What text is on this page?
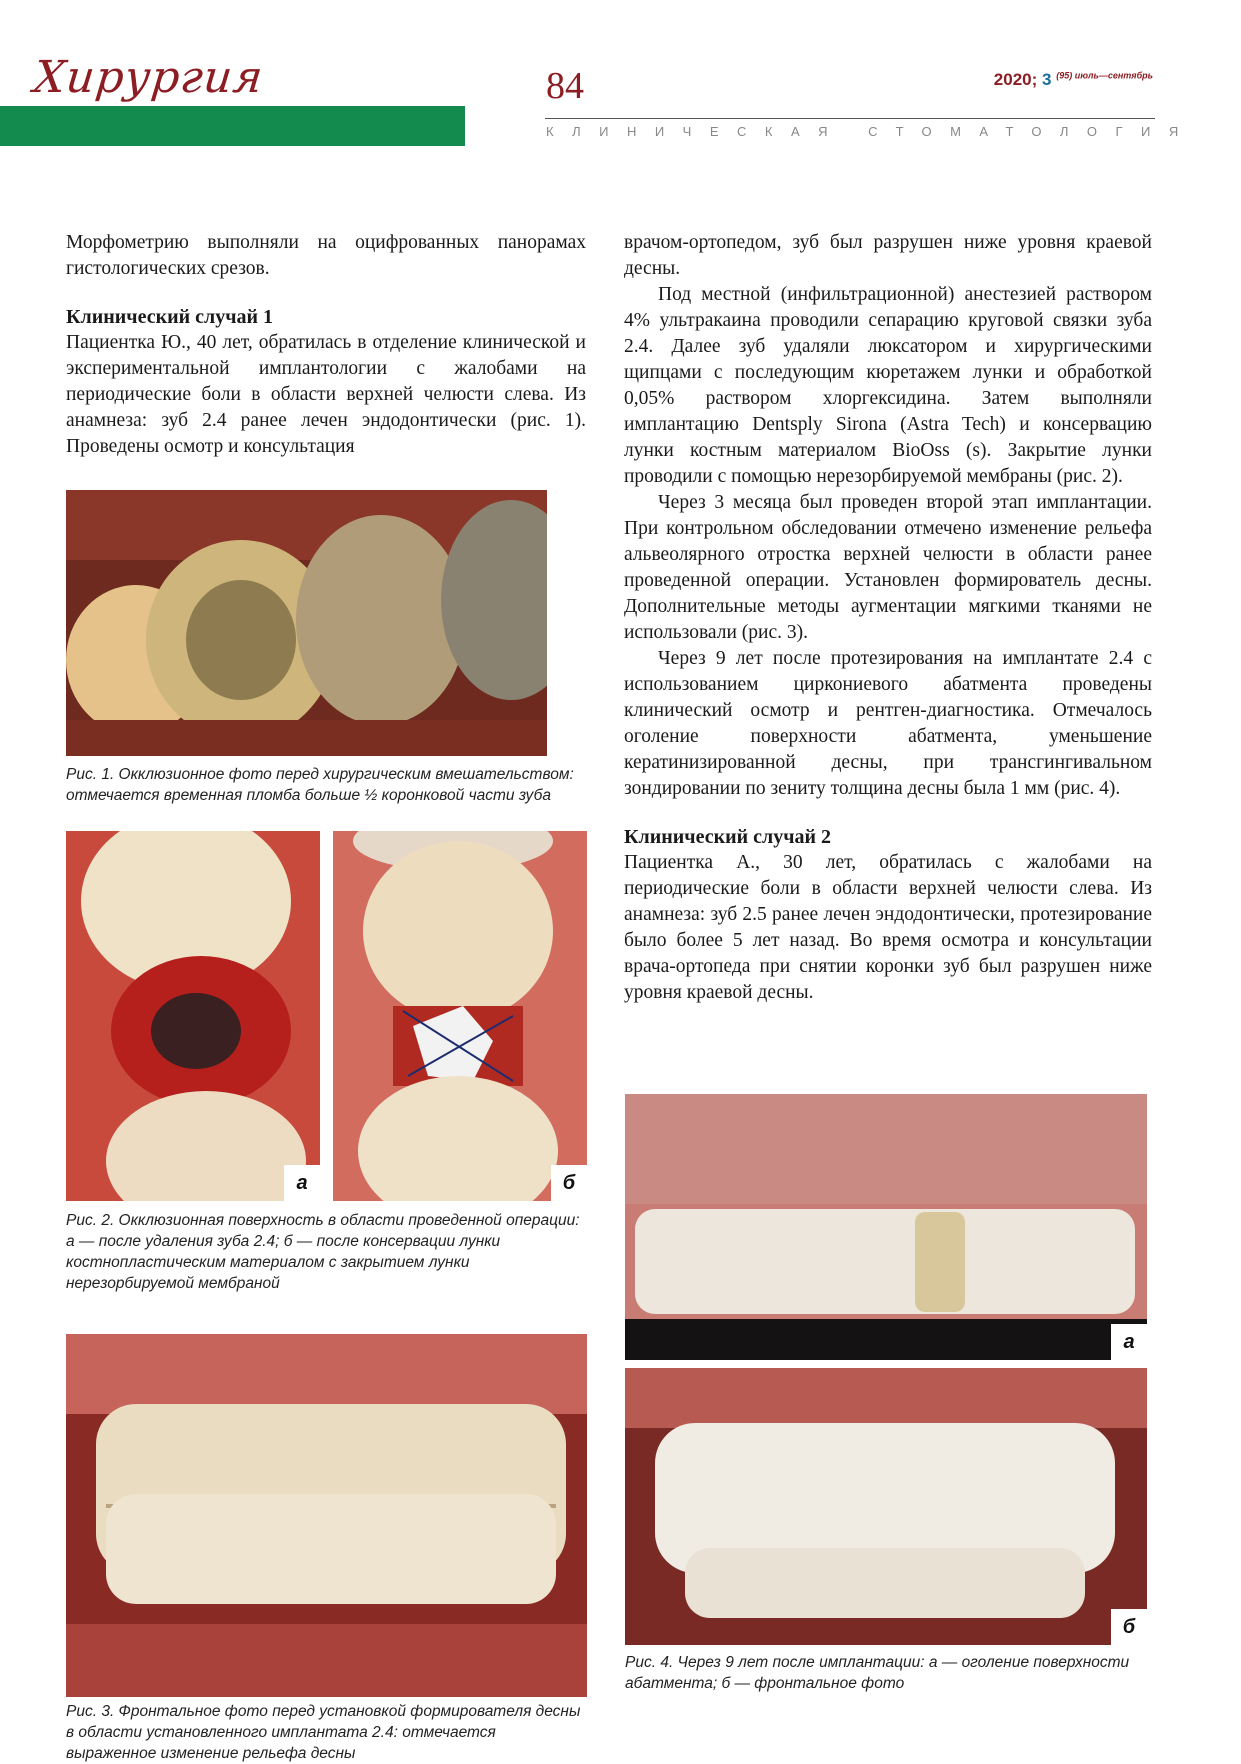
Хирургия	84	2020; 3 $^{(95) июль—сентябрь}$
КЛИНИЧЕСКАЯ СТОМАТОЛОГИЯ

Морфометрию выполняли на оцифрованных панорамах гистологических срезов.

Клинический случай 1

Пациентка Ю., 40 лет, обратилась в отделение клинической и экспериментальной имплантологии с жалобами на периодические боли в области верхней челюсти слева. Из анамнеза: зуб 2.4 ранее лечен эндодонтически (рис. 1). Проведены осмотр и консультация

Рис. 1. Окклюзионное фото перед хирургическим вмешательством: отмечается временная пломба больше ½ коронковой части зуба
а	б
Рис. 2. Окклюзионная поверхность в области проведенной операции: а — после удаления зуба 2.4; б — после консервации лунки костнопластическим материалом с закрытием лунки нерезорбируемой мембраной
Рис. 3. Фронтальное фото перед установкой формирователя десны в области установленного имплантата 2.4: отмечается выраженное изменение рельефа десны

врачом-ортопедом, зуб был разрушен ниже уровня краевой десны.

Под местной (инфильтрационной) анестезией раствором 4% ультракаина проводили сепарацию круговой связки зуба 2.4. Далее зуб удаляли люксатором и хирургическими щипцами с последующим кюретажем лунки и обработкой 0,05% раствором хлоргексидина. Затем выполняли имплантацию Dentsply Sirona (Astra Tech) и консервацию лунки костным материалом BioOss (s). Закрытие лунки проводили с помощью нерезорбируемой мембраны (рис. 2).

Через 3 месяца был проведен второй этап имплантации. При контрольном обследовании отмечено изменение рельефа альвеолярного отростка верхней челюсти в области ранее проведенной операции. Установлен формирователь десны. Дополнительные методы аугментации мягкими тканями не использовали (рис. 3).

Через 9 лет после протезирования на имплантате 2.4 с использованием циркониевого абатмента проведены клинический осмотр и рентген-диагностика. Отмечалось оголение поверхности абатмента, уменьшение кератинизированной десны, при трансгингивальном зондировании по зениту толщина десны была 1 мм (рис. 4).

Клинический случай 2

Пациентка А., 30 лет, обратилась с жалобами на периодические боли в области верхней челюсти слева. Из анамнеза: зуб 2.5 ранее лечен эндодонтически, протезирование было более 5 лет назад. Во время осмотра и консультации врача-ортопеда при снятии коронки зуб был разрушен ниже уровня краевой десны.

а
б
Рис. 4. Через 9 лет после имплантации: а — оголение поверхности абатмента; б — фронтальное фото
